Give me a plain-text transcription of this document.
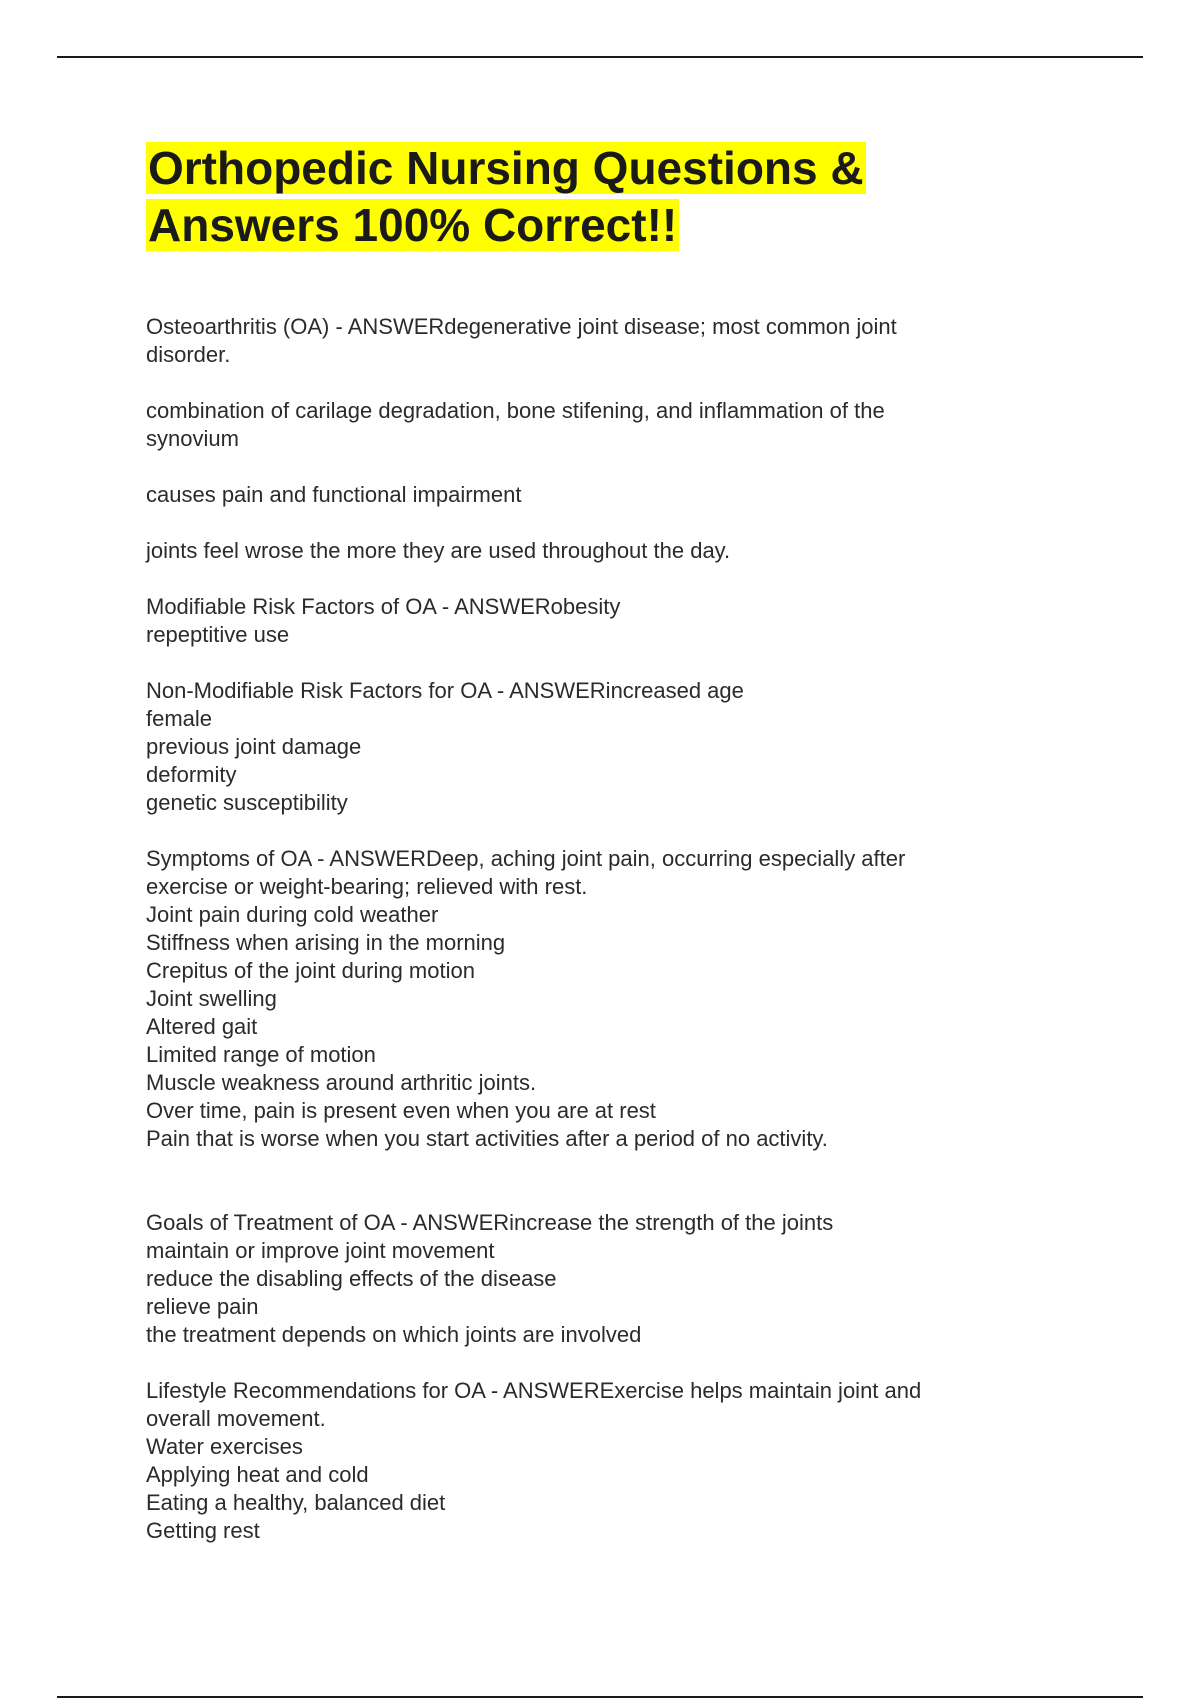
Orthopedic Nursing Questions &
Answers 100% Correct!!
Osteoarthritis (OA) - ANSWERdegenerative joint disease; most common joint
disorder.
combination of carilage degradation, bone stifening, and inflammation of the
synovium
causes pain and functional impairment
joints feel wrose the more they are used throughout the day.
Modifiable Risk Factors of OA - ANSWERobesity
repeptitive use
Non-Modifiable Risk Factors for OA - ANSWERincreased age
female
previous joint damage
deformity
genetic susceptibility
Symptoms of OA - ANSWERDeep, aching joint pain, occurring especially after
exercise or weight-bearing; relieved with rest.
Joint pain during cold weather
Stiffness when arising in the morning
Crepitus of the joint during motion
Joint swelling
Altered gait
Limited range of motion
Muscle weakness around arthritic joints.
Over time, pain is present even when you are at rest
Pain that is worse when you start activities after a period of no activity.
Goals of Treatment of OA - ANSWERincrease the strength of the joints
maintain or improve joint movement
reduce the disabling effects of the disease
relieve pain
the treatment depends on which joints are involved
Lifestyle Recommendations for OA - ANSWERExercise helps maintain joint and
overall movement.
Water exercises
Applying heat and cold
Eating a healthy, balanced diet
Getting rest
